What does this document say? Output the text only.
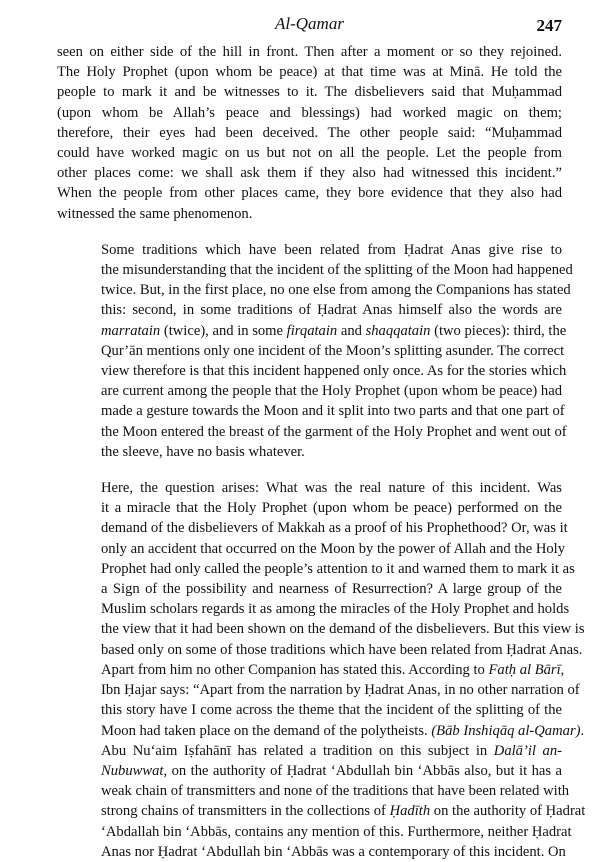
Al-Qamar	247

seen on either side of the hill in front. Then after a moment or so they rejoined.
The Holy Prophet (upon whom be peace) at that time was at Minā. He told the
people to mark it and be witnesses to it. The disbelievers said that Muḥammad
(upon whom be Allah’s peace and blessings) had worked magic on them;
therefore, their eyes had been deceived. The other people said: “Muḥammad
could have worked magic on us but not on all the people. Let the people from
other places come: we shall ask them if they also had witnessed this incident.”
When the people from other places came, they bore evidence that they also had
witnessed the same phenomenon.

Some traditions which have been related from Ḥadrat Anas give rise to
the misunderstanding that the incident of the splitting of the Moon had happened
twice. But, in the first place, no one else from among the Companions has stated
this: second, in some traditions of Ḥadrat Anas himself also the words are
marratain (twice), and in some firqatain and shaqqatain (two pieces): third, the
Qur’ān mentions only one incident of the Moon’s splitting asunder. The correct
view therefore is that this incident happened only once. As for the stories which
are current among the people that the Holy Prophet (upon whom be peace) had
made a gesture towards the Moon and it split into two parts and that one part of
the Moon entered the breast of the garment of the Holy Prophet and went out of
the sleeve, have no basis whatever.

Here, the question arises: What was the real nature of this incident. Was
it a miracle that the Holy Prophet (upon whom be peace) performed on the
demand of the disbelievers of Makkah as a proof of his Prophethood? Or, was it
only an accident that occurred on the Moon by the power of Allah and the Holy
Prophet had only called the people’s attention to it and warned them to mark it as
a Sign of the possibility and nearness of Resurrection? A large group of the
Muslim scholars regards it as among the miracles of the Holy Prophet and holds
the view that it had been shown on the demand of the disbelievers. But this view is
based only on some of those traditions which have been related from Ḥadrat Anas.
Apart from him no other Companion has stated this. According to Fatḥ al Bārī,
Ibn Ḥajar says: “Apart from the narration by Ḥadrat Anas, in no other narration of
this story have I come across the theme that the incident of the splitting of the
Moon had taken place on the demand of the polytheists. (Bāb Inshiqāq al-Qamar).
Abu Nu‘aim Iṣfahānī has related a tradition on this subject in Dalā’il an-
Nubuwwat, on the authority of Ḥadrat ‘Abdullah bin ‘Abbās also, but it has a
weak chain of transmitters and none of the traditions that have been related with
strong chains of transmitters in the collections of Ḥadīth on the authority of Ḥadrat
‘Abdallah bin ‘Abbās, contains any mention of this. Furthermore, neither Ḥadrat
Anas nor Ḥadrat ‘Abdullah bin ‘Abbās was a contemporary of this incident. On
